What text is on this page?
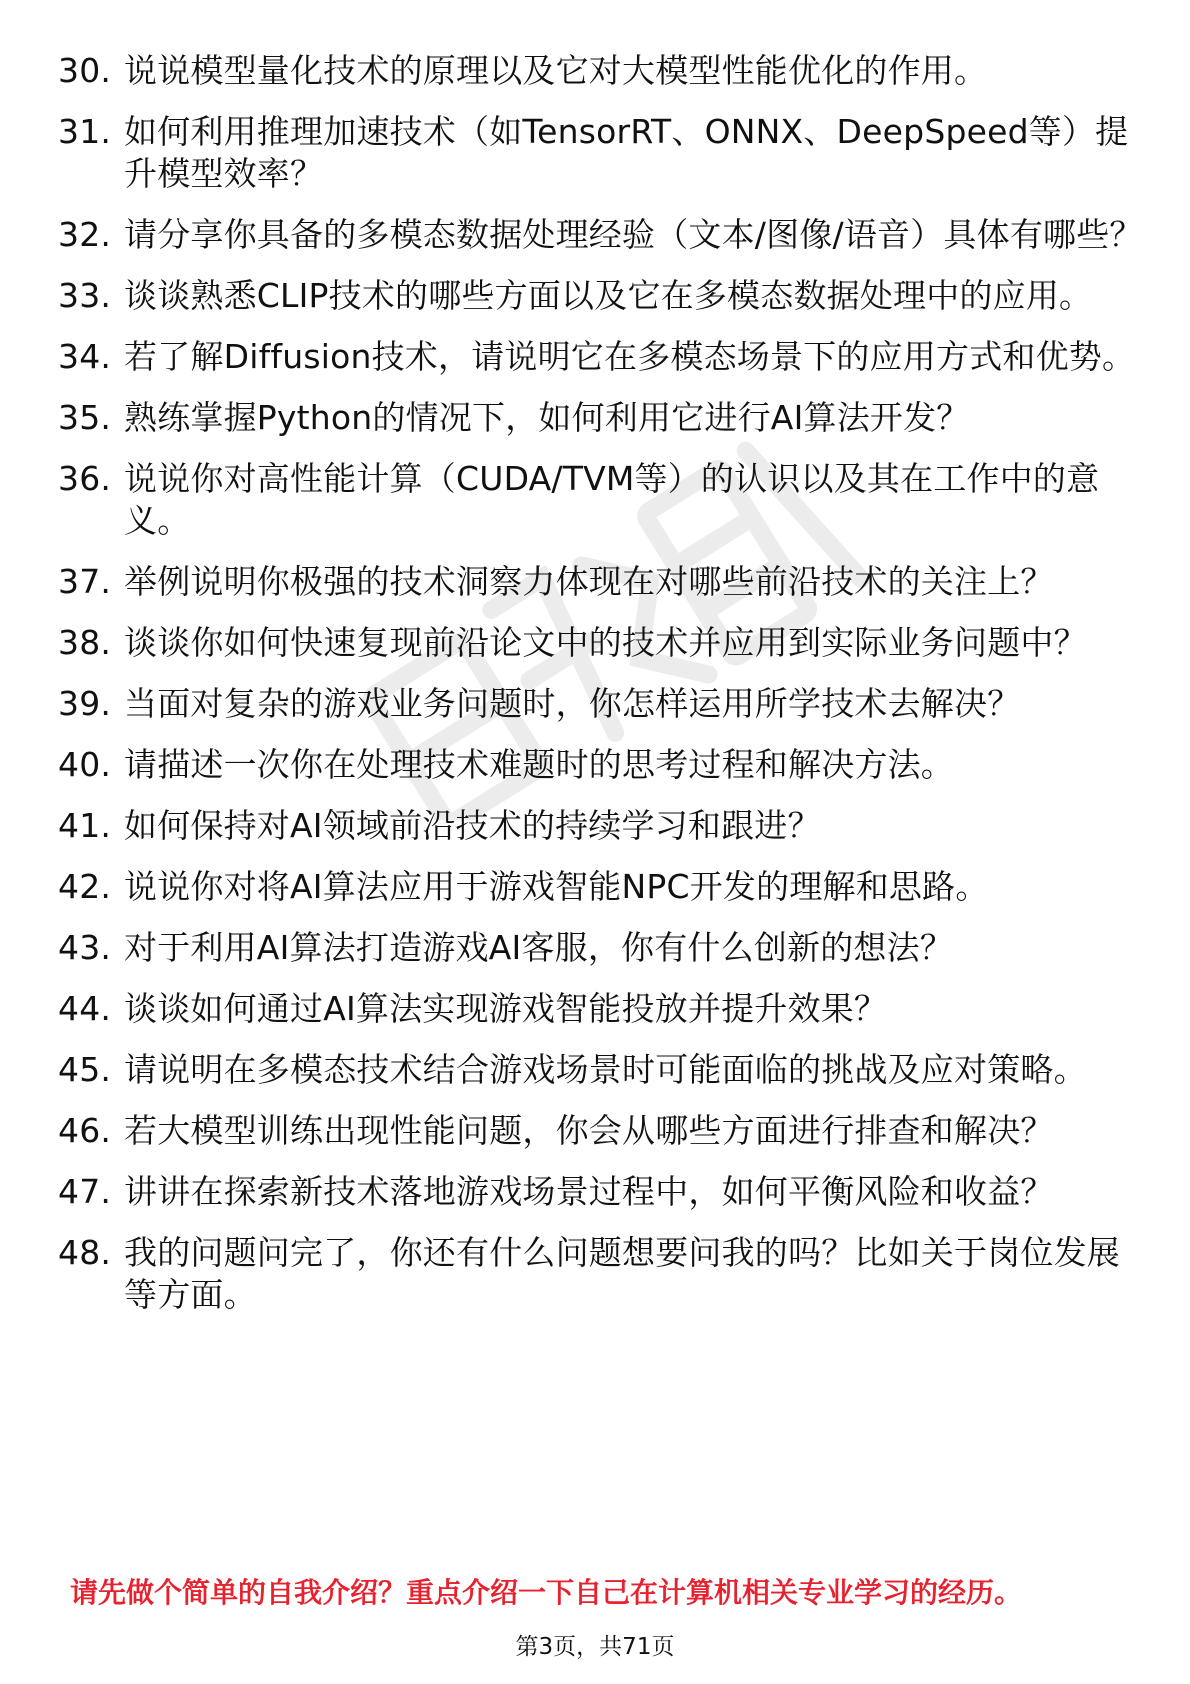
30. 说说模型量化技术的原理以及它对大模型性能优化的作用。
31. 如何利用推理加速技术（如TensorRT、ONNX、DeepSpeed等）提升模型效率？
32. 请分享你具备的多模态数据处理经验（文本/图像/语音）具体有哪些？
33. 谈谈熟悉CLIP技术的哪些方面以及它在多模态数据处理中的应用。
34. 若了解Diffusion技术，请说明它在多模态场景下的应用方式和优势。
35. 熟练掌握Python的情况下，如何利用它进行AI算法开发？
36. 说说你对高性能计算（CUDA/TVM等）的认识以及其在工作中的意义。
37. 举例说明你极强的技术洞察力体现在对哪些前沿技术的关注上？
38. 谈谈你如何快速复现前沿论文中的技术并应用到实际业务问题中？
39. 当面对复杂的游戏业务问题时，你怎样运用所学技术去解决？
40. 请描述一次你在处理技术难题时的思考过程和解决方法。
41. 如何保持对AI领域前沿技术的持续学习和跟进？
42. 说说你对将AI算法应用于游戏智能NPC开发的理解和思路。
43. 对于利用AI算法打造游戏AI客服，你有什么创新的想法？
44. 谈谈如何通过AI算法实现游戏智能投放并提升效果？
45. 请说明在多模态技术结合游戏场景时可能面临的挑战及应对策略。
46. 若大模型训练出现性能问题，你会从哪些方面进行排查和解决？
47. 讲讲在探索新技术落地游戏场景过程中，如何平衡风险和收益？
48. 我的问题问完了，你还有什么问题想要问我的吗？比如关于岗位发展等方面。
请先做个简单的自我介绍？重点介绍一下自己在计算机相关专业学习的经历。
第3页，共71页
